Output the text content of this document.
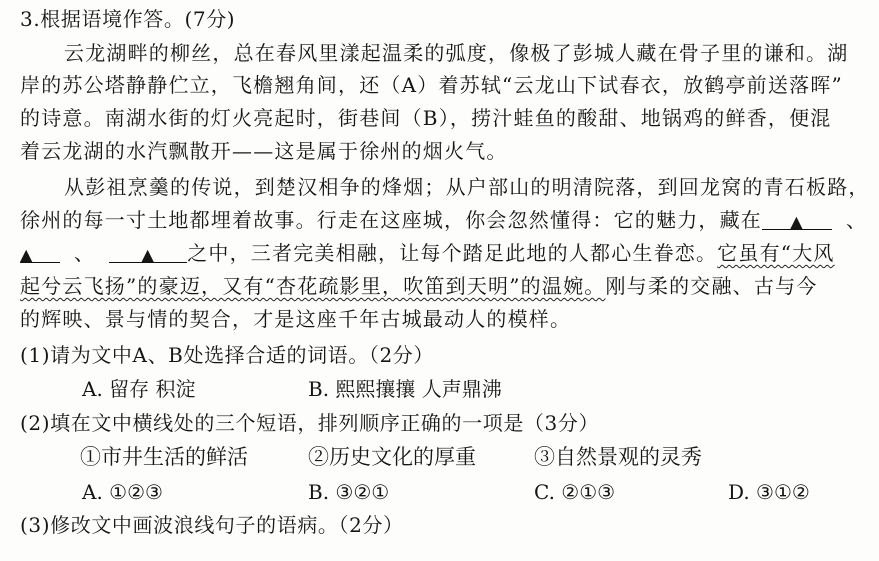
3.根据语境作答。(7分)
云龙湖畔的柳丝，总在春风里漾起温柔的弧度，像极了彭城人藏在骨子里的谦和。湖
岸的苏公塔静静伫立，飞檐翘角间，还（A）着苏轼“云龙山下试春衣，放鹤亭前送落晖”
的诗意。南湖水街的灯火亮起时，街巷间（B），捞汁蛙鱼的酸甜、地锅鸡的鲜香，便混
着云龙湖的水汽飘散开——这是属于徐州的烟火气。
从彭祖烹羹的传说，到楚汉相争的烽烟；从户部山的明清院落，到回龙窝的青石板路，
徐州的每一寸土地都埋着故事。行走在这座城，你会忽然懂得：它的魅力，藏在 ▲ 、
▲ 、	▲ 之中，三者完美相融，让每个踏足此地的人都心生眷恋。它虽有“大风
起兮云飞扬”的豪迈，又有“杏花疏影里，吹笛到天明”的温婉。刚与柔的交融、古与今
的辉映、景与情的契合，才是这座千年古城最动人的模样。
(1)请为文中A、B处选择合适的词语。（2分）
A. 留存 积淀	B. 熙熙攘攘 人声鼎沸
(2)填在文中横线处的三个短语，排列顺序正确的一项是（3分）
①市井生活的鲜活	②历史文化的厚重	③自然景观的灵秀
A. ①②③	B. ③②①	C. ②①③	D. ③①②
(3)修改文中画波浪线句子的语病。（2分）
